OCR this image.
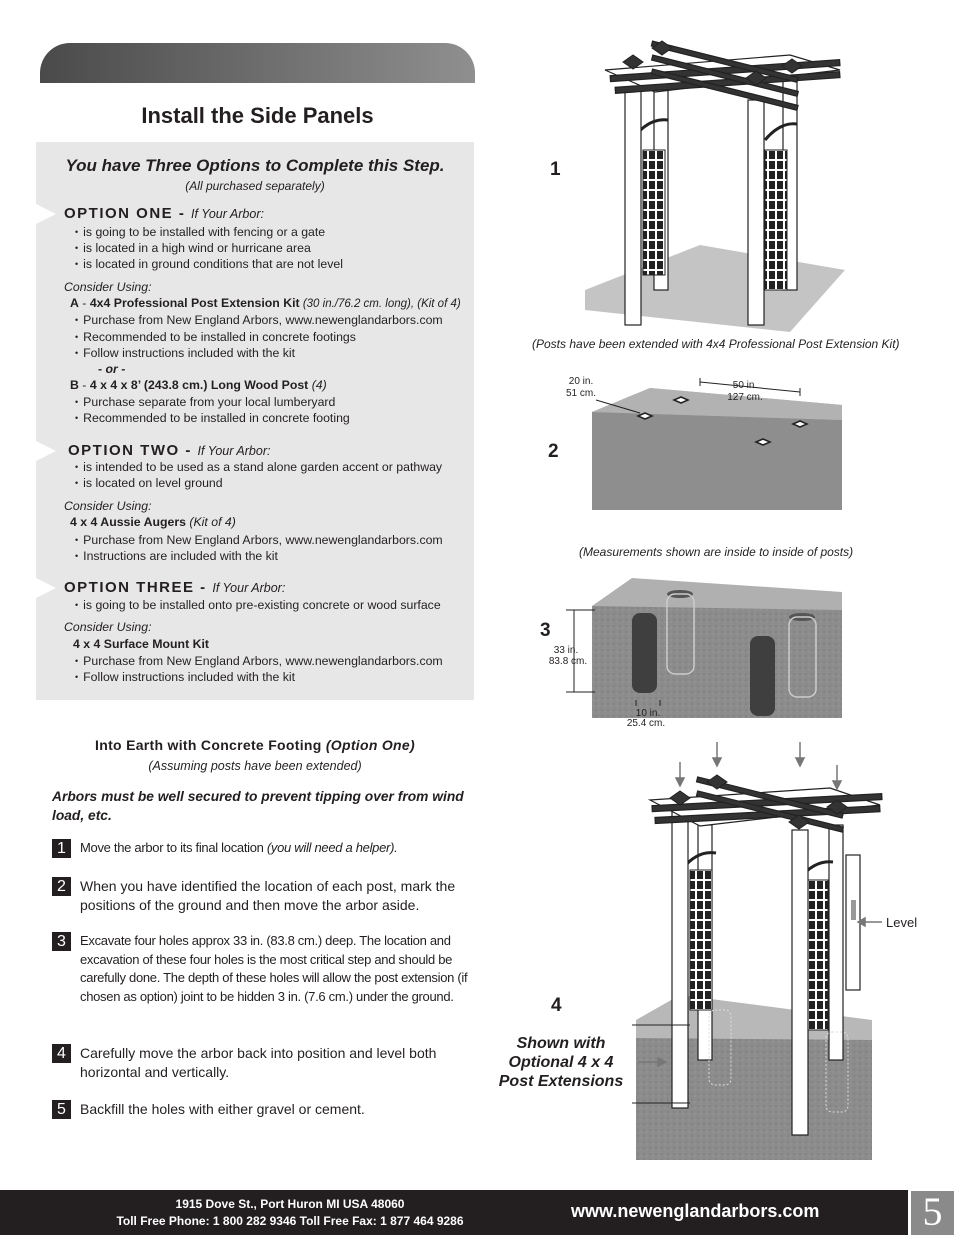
STEP FIVE
Install the Side Panels
You have Three Options to Complete this Step.
(All purchased separately)
OPTION ONE - If Your Arbor:
• is going to be installed with fencing or a gate
• is located in a high wind or hurricane area
• is located in ground conditions that are not level
Consider Using:
A - 4x4 Professional Post Extension Kit (30 in./76.2 cm. long), (Kit of 4)
• Purchase from New England Arbors, www.newenglandarbors.com
• Recommended to be installed in concrete footings
• Follow instructions included with the kit
- or -
B - 4 x 4 x 8’ (243.8 cm.) Long Wood Post (4)
• Purchase separate from your local lumberyard
• Recommended to be installed in concrete footing
OPTION TWO - If Your Arbor:
• is intended to be used as a stand alone garden accent or pathway
• is located on level ground
Consider Using:
4 x 4 Aussie Augers (Kit of 4)
• Purchase from New England Arbors, www.newenglandarbors.com
• Instructions are included with the kit
OPTION THREE - If Your Arbor:
• is going to be installed onto pre-existing concrete or wood surface
Consider Using:
4 x 4 Surface Mount Kit
• Purchase from New England Arbors, www.newenglandarbors.com
• Follow instructions included with the kit
Into Earth with Concrete Footing (Option One)
(Assuming posts have been extended)
Arbors must be well secured to prevent tipping over from wind load, etc.
1	Move the arbor to its final location (you will need a helper).
2	When you have identified the location of each post, mark the positions of the ground and then move the arbor aside.
3	Excavate four holes approx 33 in. (83.8 cm.) deep. The location and excavation of these four holes is the most critical step and should be carefully done. The depth of these holes will allow the post extension (if chosen as option) joint to be hidden 3 in. (7.6 cm.) under the ground.
4	Carefully move the arbor back into position and level both horizontal and vertically.
5	Backfill the holes with either gravel or cement.
1
(Posts have been extended with 4x4 Professional Post Extension Kit)
2
20 in.
51 cm.
50 in.
127 cm.
(Measurements shown are inside to inside of posts)
3
33 in.
83.8 cm.
10 in.
25.4 cm.
4
Level
Shown with Optional 4 x 4 Post Extensions
1915 Dove St., Port Huron MI USA 48060
Toll Free Phone: 1 800 282 9346 Toll Free Fax: 1 877 464 9286	www.newenglandarbors.com	5
